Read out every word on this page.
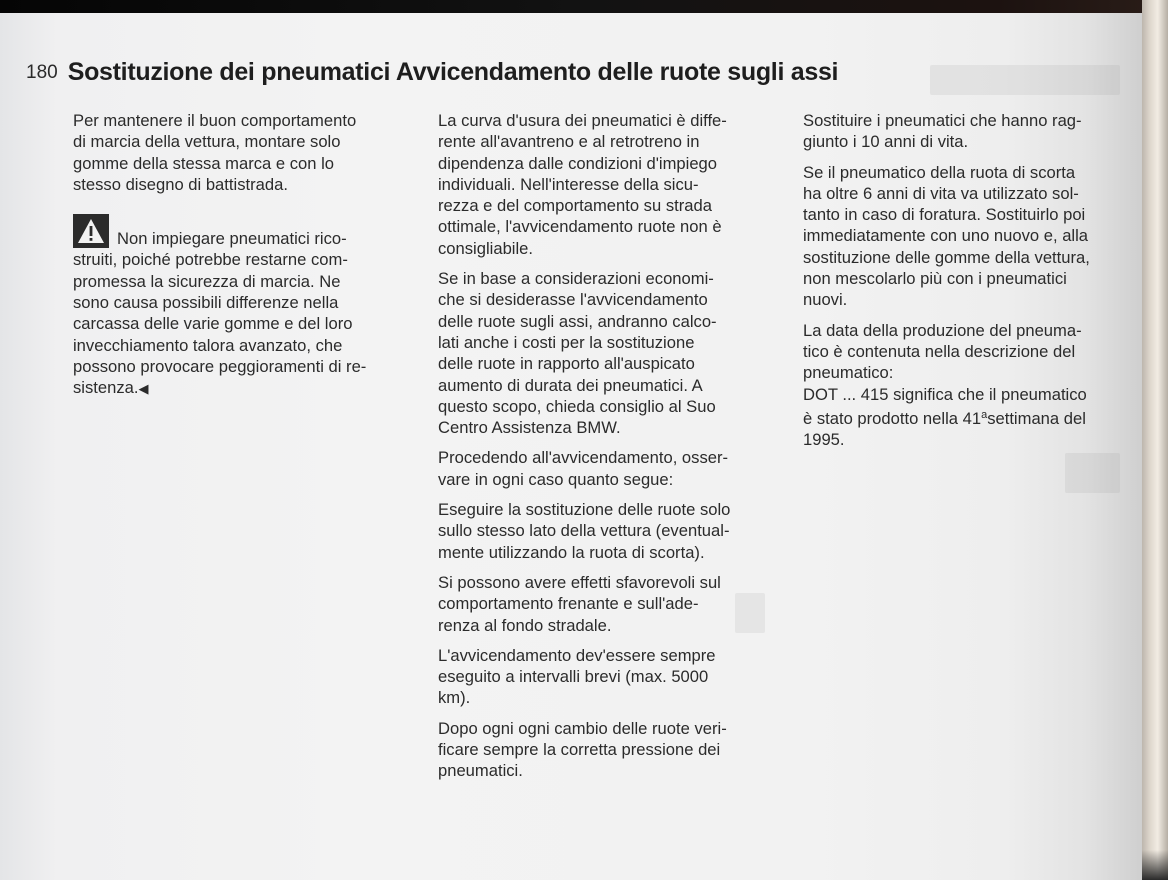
180 Sostituzione dei pneumatici Avvicendamento delle ruote sugli assi

Per mantenere il buon comportamento
di marcia della vettura, montare solo
gomme della stessa marca e con lo
stesso disegno di battistrada.

Non impiegare pneumatici rico-
struiti, poiché potrebbe restarne com-
promessa la sicurezza di marcia. Ne
sono causa possibili differenze nella
carcassa delle varie gomme e del loro
invecchiamento talora avanzato, che
possono provocare peggioramenti di re-
sistenza.◀

La curva d'usura dei pneumatici è diffe-
rente all'avantreno e al retrotreno in
dipendenza dalle condizioni d'impiego
individuali. Nell'interesse della sicu-
rezza e del comportamento su strada
ottimale, l'avvicendamento ruote non è
consigliabile.

Se in base a considerazioni economi-
che si desiderasse l'avvicendamento
delle ruote sugli assi, andranno calco-
lati anche i costi per la sostituzione
delle ruote in rapporto all'auspicato
aumento di durata dei pneumatici. A
questo scopo, chieda consiglio al Suo
Centro Assistenza BMW.

Procedendo all'avvicendamento, osser-
vare in ogni caso quanto segue:

Eseguire la sostituzione delle ruote solo
sullo stesso lato della vettura (eventual-
mente utilizzando la ruota di scorta).

Si possono avere effetti sfavorevoli sul
comportamento frenante e sull'ade-
renza al fondo stradale.

L'avvicendamento dev'essere sempre
eseguito a intervalli brevi (max. 5000
km).

Dopo ogni ogni cambio delle ruote veri-
ficare sempre la corretta pressione dei
pneumatici.

Sostituire i pneumatici che hanno rag-
giunto i 10 anni di vita.

Se il pneumatico della ruota di scorta
ha oltre 6 anni di vita va utilizzato sol-
tanto in caso di foratura. Sostituirlo poi
immediatamente con uno nuovo e, alla
sostituzione delle gomme della vettura,
non mescolarlo più con i pneumatici
nuovi.

La data della produzione del pneuma-
tico è contenuta nella descrizione del
pneumatico:
DOT ... 415 significa che il pneumatico
è stato prodotto nella 41$^a$settimana del
1995.
